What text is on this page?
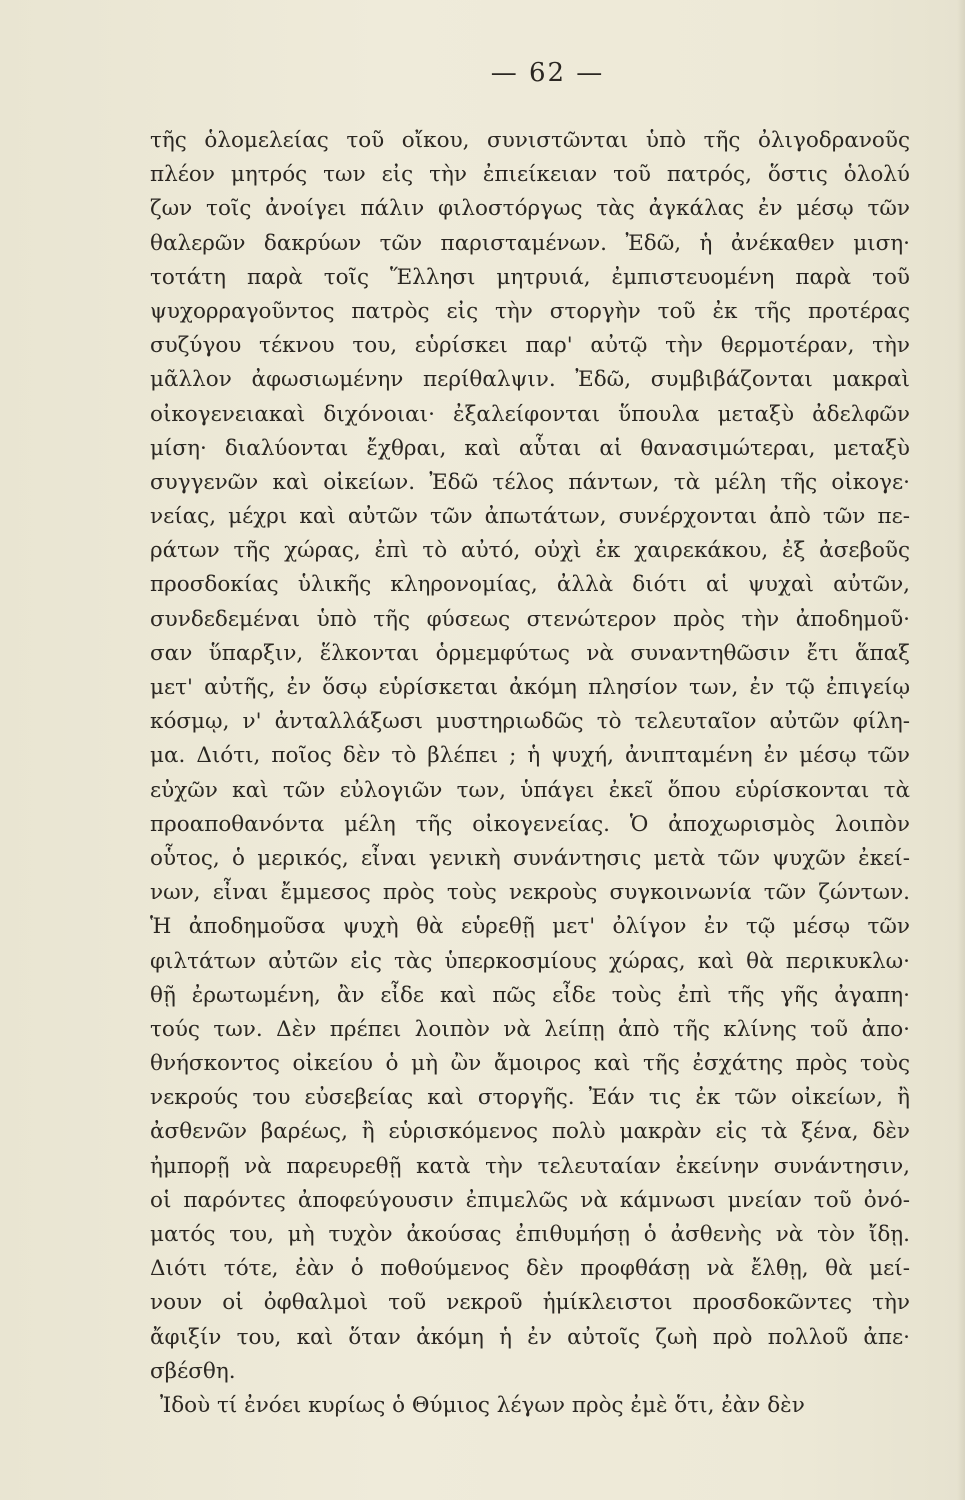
— 62 —
τῆς ὁλομελείας τοῦ οἴκου, συνιστῶνται ὑπὸ τῆς ὀλιγοδρανοῦς
πλέον μητρός των εἰς τὴν ἐπιείκειαν τοῦ πατρός, ὅστις ὁλολύ
ζων τοῖς ἀνοίγει πάλιν φιλοστόργως τὰς ἀγκάλας ἐν μέσῳ τῶν
θαλερῶν δακρύων τῶν παρισταμένων. Ἐδῶ, ἡ ἀνέκαθεν μιση·
τοτάτη παρὰ τοῖς Ἕλλησι μητρυιά, ἐμπιστευομένη παρὰ τοῦ
ψυχορραγοῦντος πατρὸς εἰς τὴν στοργὴν τοῦ ἐκ τῆς προτέρας
συζύγου τέκνου του, εὑρίσκει παρ' αὐτῷ τὴν θερμοτέραν, τὴν
μᾶλλον ἀφωσιωμένην περίθαλψιν. Ἐδῶ, συμβιβάζονται μακραὶ
οἰκογενειακαὶ διχόνοιαι· ἐξαλείφονται ὕπουλα μεταξὺ ἀδελφῶν
μίση· διαλύονται ἔχθραι, καὶ αὗται αἱ θανασιμώτεραι, μεταξὺ
συγγενῶν καὶ οἰκείων. Ἐδῶ τέλος πάντων, τὰ μέλη τῆς οἰκογε·
νείας, μέχρι καὶ αὐτῶν τῶν ἀπωτάτων, συνέρχονται ἀπὸ τῶν πε-
ράτων τῆς χώρας, ἐπὶ τὸ αὐτό, οὐχὶ ἐκ χαιρεκάκου, ἐξ ἀσεβοῦς
προσδοκίας ὑλικῆς κληρονομίας, ἀλλὰ διότι αἱ ψυχαὶ αὐτῶν,
συνδεδεμέναι ὑπὸ τῆς φύσεως στενώτερον πρὸς τὴν ἀποδημοῦ·
σαν ὕπαρξιν, ἕλκονται ὁρμεμφύτως νὰ συναντηθῶσιν ἔτι ἅπαξ
μετ' αὐτῆς, ἐν ὅσῳ εὑρίσκεται ἀκόμη πλησίον των, ἐν τῷ ἐπιγείῳ
κόσμῳ, ν' ἀνταλλάξωσι μυστηριωδῶς τὸ τελευταῖον αὐτῶν φίλη-
μα. Διότι, ποῖος δὲν τὸ βλέπει ; ἡ ψυχή, ἀνιπταμένη ἐν μέσῳ τῶν
εὐχῶν καὶ τῶν εὐλογιῶν των, ὑπάγει ἐκεῖ ὅπου εὑρίσκονται τὰ
προαποθανόντα μέλη τῆς οἰκογενείας. Ὁ ἀποχωρισμὸς λοιπὸν
οὗτος, ὁ μερικός, εἶναι γενικὴ συνάντησις μετὰ τῶν ψυχῶν ἐκεί-
νων, εἶναι ἔμμεσος πρὸς τοὺς νεκροὺς συγκοινωνία τῶν ζώντων.
Ἡ ἀποδημοῦσα ψυχὴ θὰ εὑρεθῇ μετ' ὀλίγον ἐν τῷ μέσῳ τῶν
φιλτάτων αὐτῶν εἰς τὰς ὑπερκοσμίους χώρας, καὶ θὰ περικυκλω·
θῇ ἐρωτωμένη, ἂν εἶδε καὶ πῶς εἶδε τοὺς ἐπὶ τῆς γῆς ἀγαπη·
τούς των. Δὲν πρέπει λοιπὸν νὰ λείπῃ ἀπὸ τῆς κλίνης τοῦ ἀπο·
θνήσκοντος οἰκείου ὁ μὴ ὢν ἄμοιρος καὶ τῆς ἐσχάτης πρὸς τοὺς
νεκρούς του εὐσεβείας καὶ στοργῆς. Ἐάν τις ἐκ τῶν οἰκείων, ἢ
ἀσθενῶν βαρέως, ἢ εὑρισκόμενος πολὺ μακρὰν εἰς τὰ ξένα, δὲν
ἠμπορῇ νὰ παρευρεθῇ κατὰ τὴν τελευταίαν ἐκείνην συνάντησιν,
οἱ παρόντες ἀποφεύγουσιν ἐπιμελῶς νὰ κάμνωσι μνείαν τοῦ ὀνό-
ματός του, μὴ τυχὸν ἀκούσας ἐπιθυμήσῃ ὁ ἀσθενὴς νὰ τὸν ἴδῃ.
Διότι τότε, ἐὰν ὁ ποθούμενος δὲν προφθάσῃ νὰ ἔλθῃ, θὰ μεί-
νουν οἱ ὀφθαλμοὶ τοῦ νεκροῦ ἡμίκλειστοι προσδοκῶντες τὴν
ἄφιξίν του, καὶ ὅταν ἀκόμη ἡ ἐν αὐτοῖς ζωὴ πρὸ πολλοῦ ἀπε·
σβέσθη.
Ἰδοὺ τί ἐνόει κυρίως ὁ Θύμιος λέγων πρὸς ἐμὲ ὅτι, ἐὰν δὲν
